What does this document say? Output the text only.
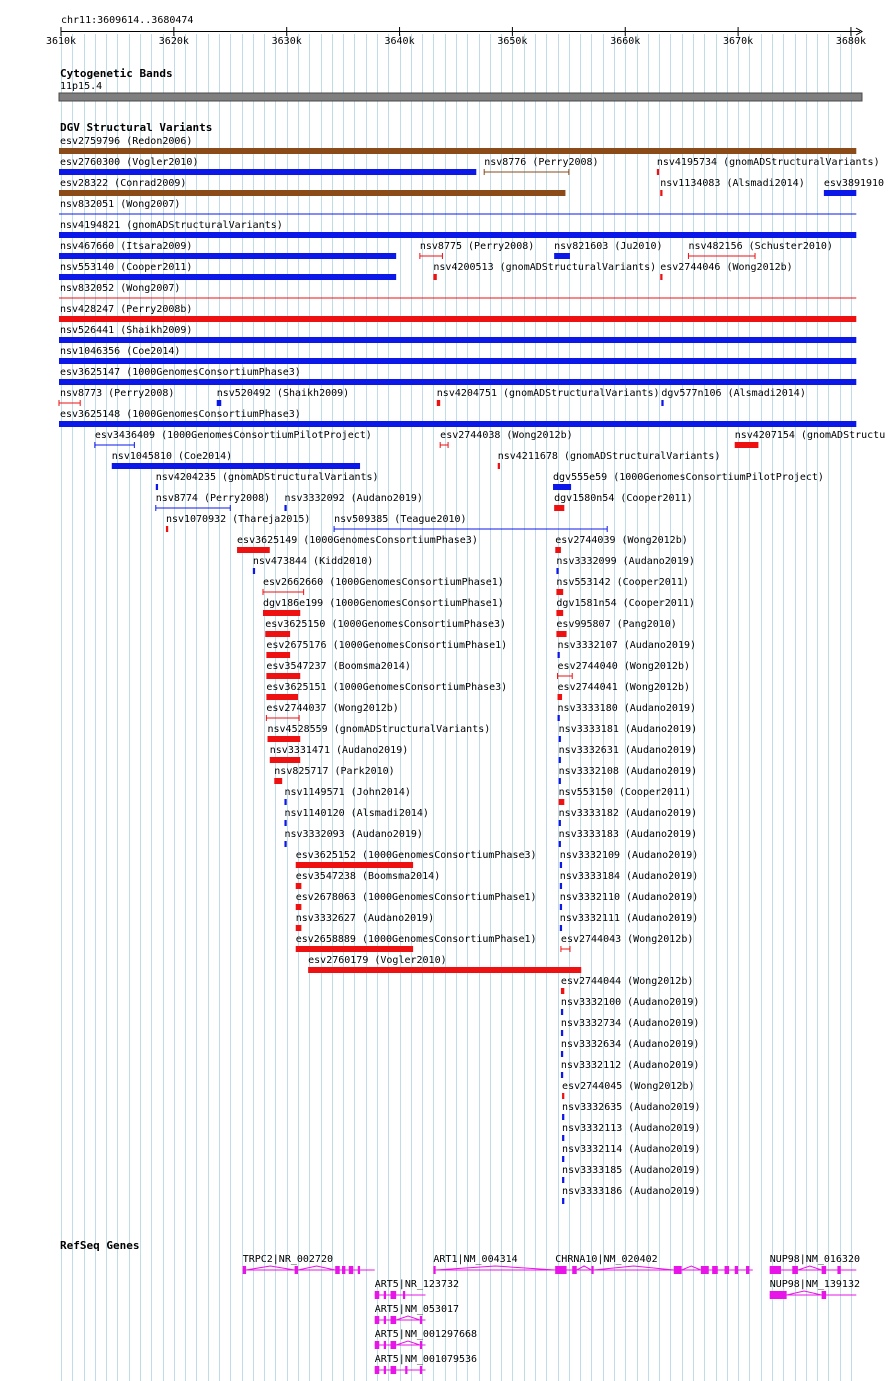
chr11:3609614..3680474
3610k	3620k	3630k	3640k	3650k	3660k	3670k	3680k
Cytogenetic Bands
11p15.4
DGV Structural Variants
esv2759796 (Redon2006)
esv2760300 (Vogler2010)	nsv8776 (Perry2008)	nsv4195734 (gnomADStructuralVariants)
esv28322 (Conrad2009)	nsv1134083 (Alsmadi2014) esv3891910
nsv832051 (Wong2007)
nsv4194821 (gnomADStructuralVariants)
nsv467660 (Itsara2009)	nsv8775 (Perry2008) nsv821603 (Ju2010)	nsv482156 (Schuster2010)
nsv553140 (Cooper2011)	nsv4200513 (gnomADStructuralVariants) esv2744046 (Wong2012b)
nsv832052 (Wong2007)
nsv428247 (Perry2008b)
nsv526441 (Shaikh2009)
nsv1046356 (Coe2014)
esv3625147 (1000GenomesConsortiumPhase3)
nsv8773 (Perry2008)	nsv520492 (Shaikh2009)	nsv4204751 (gnomADStructuralVariants) dgv577n106 (Alsmadi2014)
esv3625148 (1000GenomesConsortiumPhase3)
esv3436409 (1000GenomesConsortiumPilotProject)	esv2744038 (Wong2012b)	nsv4207154 (gnomADStructu
nsv1045810 (Coe2014)	nsv4211678 (gnomADStructuralVariants)
nsv4204235 (gnomADStructuralVariants)	dgv555e59 (1000GenomesConsortiumPilotProject)
nsv8774 (Perry2008) nsv3332092 (Audano2019)	dgv1580n54 (Cooper2011)
nsv1070932 (Thareja2015) nsv509385 (Teague2010)
esv3625149 (1000GenomesConsortiumPhase3)	esv2744039 (Wong2012b)
nsv473844 (Kidd2010)	nsv3332099 (Audano2019)
esv2662660 (1000GenomesConsortiumPhase1)	nsv553142 (Cooper2011)
dgv186e199 (1000GenomesConsortiumPhase1)	dgv1581n54 (Cooper2011)
esv3625150 (1000GenomesConsortiumPhase3)	esv995807 (Pang2010)
esv2675176 (1000GenomesConsortiumPhase1)	nsv3332107 (Audano2019)
esv3547237 (Boomsma2014)	esv2744040 (Wong2012b)
esv3625151 (1000GenomesConsortiumPhase3)	esv2744041 (Wong2012b)
esv2744037 (Wong2012b)	nsv3333180 (Audano2019)
nsv4528559 (gnomADStructuralVariants)	nsv3333181 (Audano2019)
nsv3331471 (Audano2019)	nsv3332631 (Audano2019)
nsv825717 (Park2010)	nsv3332108 (Audano2019)
nsv1149571 (John2014)	nsv553150 (Cooper2011)
nsv1140120 (Alsmadi2014)	nsv3333182 (Audano2019)
nsv3332093 (Audano2019)	nsv3333183 (Audano2019)
esv3625152 (1000GenomesConsortiumPhase3) nsv3332109 (Audano2019)
esv3547238 (Boomsma2014)	nsv3333184 (Audano2019)
esv2678063 (1000GenomesConsortiumPhase1) nsv3332110 (Audano2019)
nsv3332627 (Audano2019)	nsv3332111 (Audano2019)
esv2658889 (1000GenomesConsortiumPhase1) esv2744043 (Wong2012b)
esv2760179 (Vogler2010)
esv2744044 (Wong2012b)
nsv3332100 (Audano2019)
nsv3332734 (Audano2019)
nsv3332634 (Audano2019)
nsv3332112 (Audano2019)
esv2744045 (Wong2012b)
nsv3332635 (Audano2019)
nsv3332113 (Audano2019)
nsv3332114 (Audano2019)
nsv3333185 (Audano2019)
nsv3333186 (Audano2019)
RefSeq Genes
TRPC2|NR_002720	ART1|NM_004314	CHRNA10|NM_020402	NUP98|NM_016320
ART5|NR_123732	NUP98|NM_139132
ART5|NM_053017
ART5|NM_001297668
ART5|NM_001079536
